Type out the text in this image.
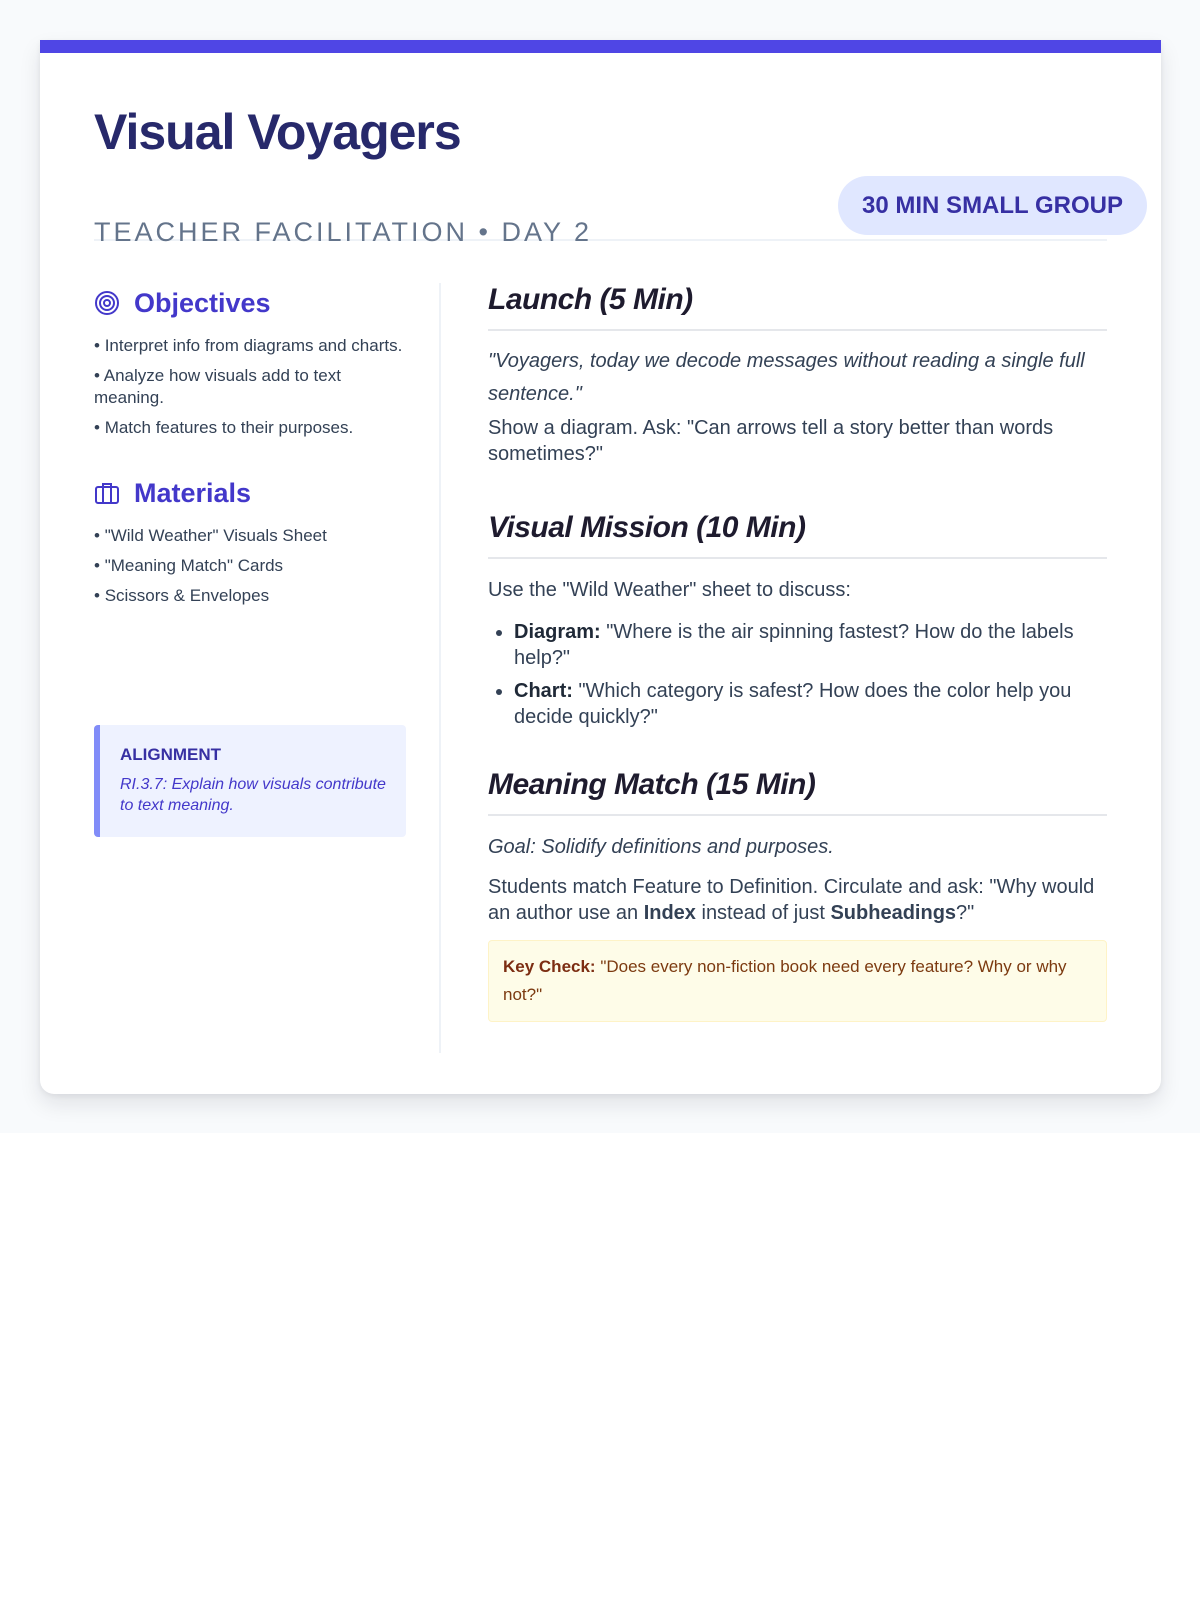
Visual Voyagers
TEACHER FACILITATION • DAY 2
30 MIN SMALL GROUP
Objectives
• Interpret info from diagrams and charts.
• Analyze how visuals add to text meaning.
• Match features to their purposes.
Materials
• "Wild Weather" Visuals Sheet
• "Meaning Match" Cards
• Scissors & Envelopes
ALIGNMENT
RI.3.7: Explain how visuals contribute to text meaning.
Launch (5 Min)

"Voyagers, today we decode messages without reading a single full sentence."

Show a diagram. Ask: "Can arrows tell a story better than words sometimes?"

Visual Mission (10 Min)

Use the "Wild Weather" sheet to discuss:

• Diagram: "Where is the air spinning fastest? How do the labels help?"
• Chart: "Which category is safest? How does the color help you decide quickly?"
Meaning Match (15 Min)

Goal: Solidify definitions and purposes.

Students match Feature to Definition. Circulate and ask: "Why would an author use an Index instead of just Subheadings?"

Key Check: "Does every non-fiction book need every feature? Why or why not?"
